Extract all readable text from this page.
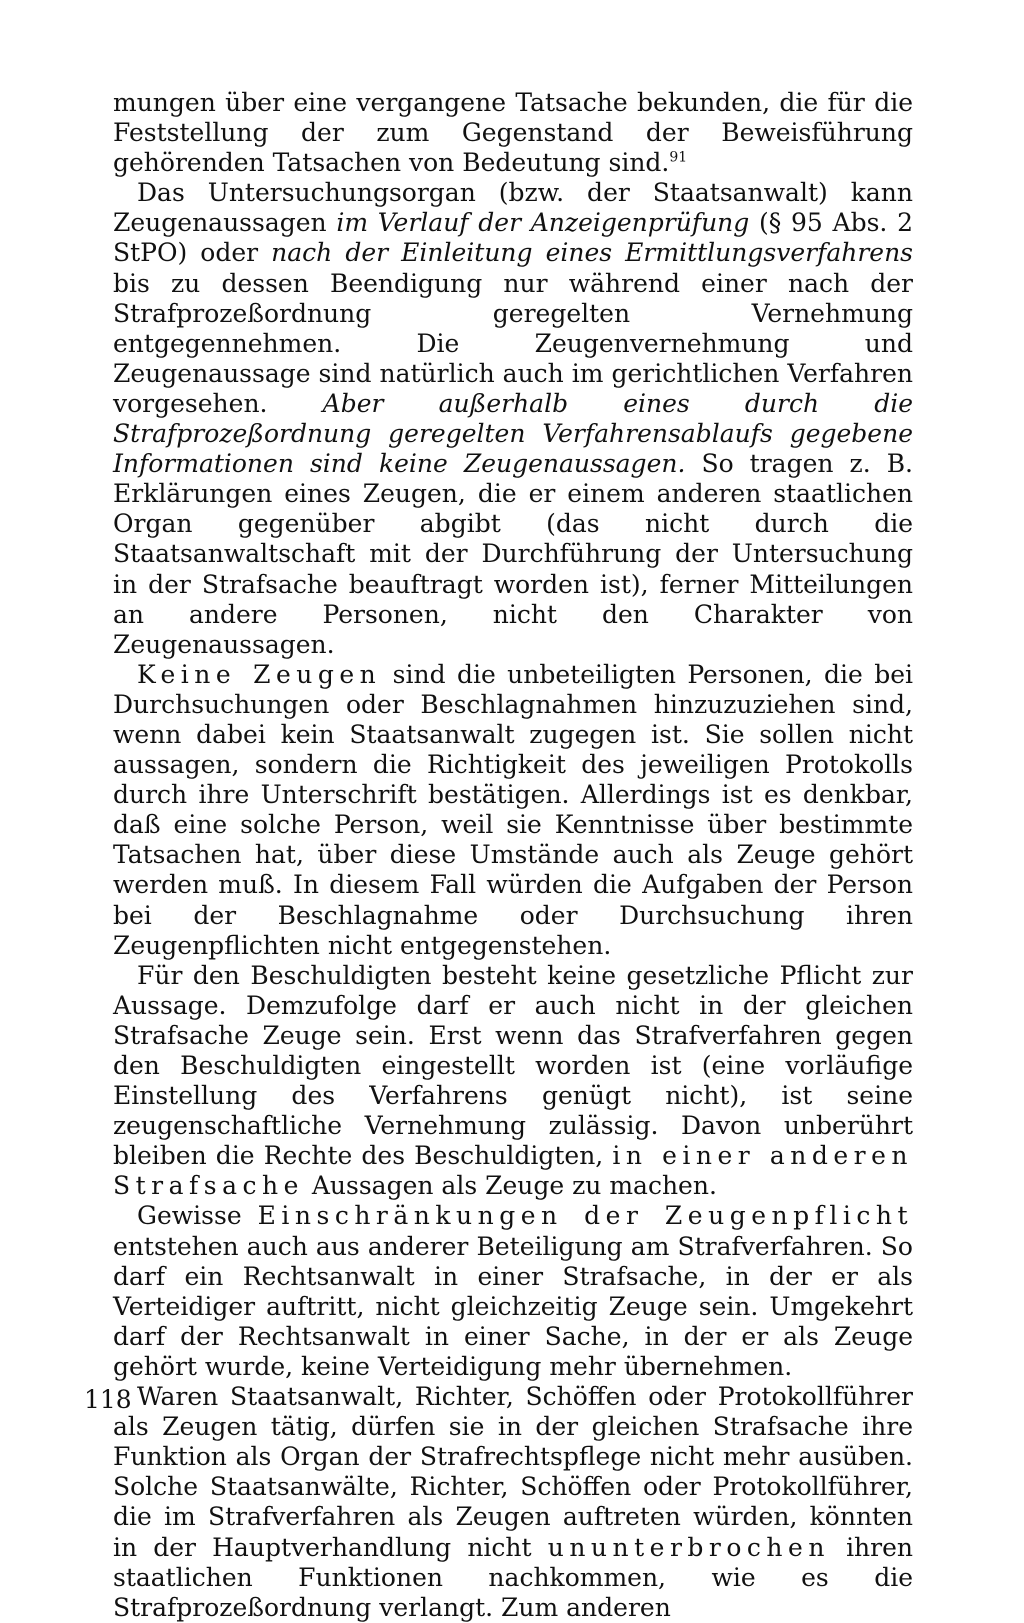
mungen über eine vergangene Tatsache bekunden, die für die Feststellung der zum Gegenstand der Beweisführung gehörenden Tatsachen von Bedeutung sind.$^{91}$

Das Untersuchungsorgan (bzw. der Staatsanwalt) kann Zeugenaussagen im Verlauf der Anzeigenprüfung (§ 95 Abs. 2 StPO) oder nach der Einleitung eines Ermittlungsverfahrens bis zu dessen Beendigung nur während einer nach der Strafprozeßordnung geregelten Vernehmung entgegennehmen. Die Zeugenvernehmung und Zeugenaussage sind natürlich auch im gerichtlichen Verfahren vorgesehen. Aber außerhalb eines durch die Strafprozeßordnung geregelten Verfahrensablaufs gegebene Informationen sind keine Zeugenaussagen. So tragen z. B. Erklärungen eines Zeugen, die er einem anderen staatlichen Organ gegenüber abgibt (das nicht durch die Staatsanwaltschaft mit der Durchführung der Untersuchung in der Strafsache beauftragt worden ist), ferner Mitteilungen an andere Personen, nicht den Charakter von Zeugenaussagen.

Keine Zeugen sind die unbeteiligten Personen, die bei Durchsuchungen oder Beschlagnahmen hinzuzuziehen sind, wenn dabei kein Staatsanwalt zugegen ist. Sie sollen nicht aussagen, sondern die Richtigkeit des jeweiligen Protokolls durch ihre Unterschrift bestätigen. Allerdings ist es denkbar, daß eine solche Person, weil sie Kenntnisse über bestimmte Tatsachen hat, über diese Umstände auch als Zeuge gehört werden muß. In diesem Fall würden die Aufgaben der Person bei der Beschlagnahme oder Durchsuchung ihren Zeugenpflichten nicht entgegenstehen.

Für den Beschuldigten besteht keine gesetzliche Pflicht zur Aussage. Demzufolge darf er auch nicht in der gleichen Strafsache Zeuge sein. Erst wenn das Strafverfahren gegen den Beschuldigten eingestellt worden ist (eine vorläufige Einstellung des Verfahrens genügt nicht), ist seine zeugenschaftliche Vernehmung zulässig. Davon unberührt bleiben die Rechte des Beschuldigten, in einer anderen Strafsache Aussagen als Zeuge zu machen.

Gewisse Einschränkungen der Zeugenpflicht entstehen auch aus anderer Beteiligung am Strafverfahren. So darf ein Rechtsanwalt in einer Strafsache, in der er als Verteidiger auftritt, nicht gleichzeitig Zeuge sein. Umgekehrt darf der Rechtsanwalt in einer Sache, in der er als Zeuge gehört wurde, keine Verteidigung mehr übernehmen.

Waren Staatsanwalt, Richter, Schöffen oder Protokollführer als Zeugen tätig, dürfen sie in der gleichen Strafsache ihre Funktion als Organ der Strafrechtspflege nicht mehr ausüben. Solche Staatsanwälte, Richter, Schöffen oder Protokollführer, die im Strafverfahren als Zeugen auftreten würden, könnten in der Hauptverhandlung nicht ununterbrochen ihren staatlichen Funktionen nachkommen, wie es die Strafprozeßordnung verlangt. Zum anderen

118
